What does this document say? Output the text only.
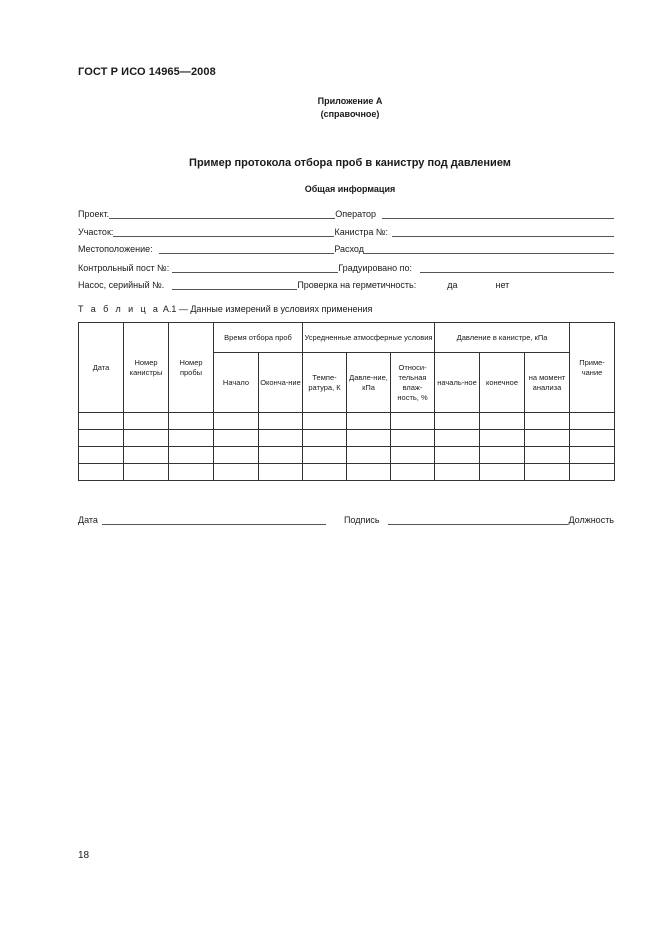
ГОСТ Р ИСО 14965—2008
Приложение А
(справочное)
Пример протокола отбора проб в канистру под давлением
Общая информация
Проект.	Оператор
Участок:	Канистра №:
Местоположение:	Расход
Контрольный пост №:	Градуировано по:
Насос, серийный №.	Проверка на герметичность:	да	нет
Т а б л и ц а А.1 — Данные измерений в условиях применения
Дата	Номер канистры	Номер пробы	Время отбора проб		Усредненные атмосферные условия			Давление в канистре, кПа			Приме-чание
			Начало	Оконча-ние	Темпе-ратура, К	Давле-ние, кПа	Относи-тельная влаж-ность, %	началь-ное	конечное	на момент анализа	

Дата	Подпись	Должность
18
